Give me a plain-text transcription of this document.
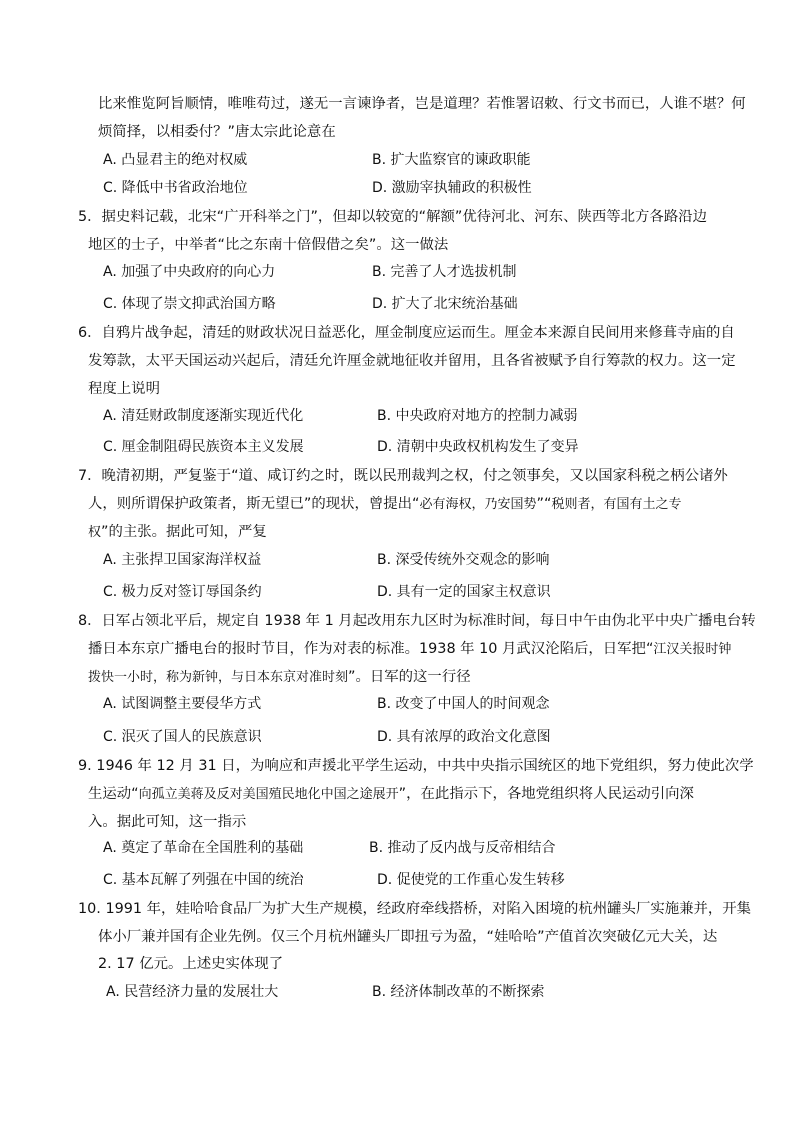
比来惟览阿旨顺情，唯唯苟过，遂无一言谏诤者，岂是道理？若惟署诏敕、行文书而已，人谁不堪？何
烦简择，以相委付？”唐太宗此论意在
A. 凸显君主的绝对权威	B. 扩大监察官的谏政职能
C. 降低中书省政治地位	D. 激励宰执辅政的积极性
5．据史料记载，北宋“广开科举之门”，但却以较宽的“解额”优待河北、河东、陕西等北方各路沿边
地区的士子，中举者“比之东南十倍假借之矣”。这一做法
A. 加强了中央政府的向心力	B. 完善了人才选拔机制
C. 体现了崇文抑武治国方略	D. 扩大了北宋统治基础
6．自鸦片战争起，清廷的财政状况日益恶化，厘金制度应运而生。厘金本来源自民间用来修葺寺庙的自
发筹款，太平天国运动兴起后，清廷允许厘金就地征收并留用，且各省被赋予自行筹款的权力。这一定
程度上说明
A. 清廷财政制度逐渐实现近代化	B. 中央政府对地方的控制力减弱
C. 厘金制阻碍民族资本主义发展	D. 清朝中央政权机构发生了变异
7．晚清初期，严复鉴于“道、咸订约之时，既以民刑裁判之权，付之领事矣，又以国家科税之柄公诸外
人，则所谓保护政策者，斯无望已”的现状，曾提出“必有海权，乃安国势”“税则者，有国有土之专
权”的主张。据此可知，严复
A. 主张捍卫国家海洋权益	B. 深受传统外交观念的影响
C. 极力反对签订辱国条约	D. 具有一定的国家主权意识
8．日军占领北平后，规定自 1938 年 1 月起改用东九区时为标准时间，每日中午由伪北平中央广播电台转
播日本东京广播电台的报时节目，作为对表的标准。1938 年 10 月武汉沦陷后，日军把“江汉关报时钟
拨快一小时，称为新钟，与日本东京对准时刻”。日军的这一行径
A. 试图调整主要侵华方式	B. 改变了中国人的时间观念
C. 泯灭了国人的民族意识	D. 具有浓厚的政治文化意图
9. 1946 年 12 月 31 日，为响应和声援北平学生运动，中共中央指示国统区的地下党组织，努力使此次学
生运动“向孤立美蒋及反对美国殖民地化中国之途展开”，在此指示下，各地党组织将人民运动引向深
入。据此可知，这一指示
A. 奠定了革命在全国胜利的基础	B. 推动了反内战与反帝相结合
C. 基本瓦解了列强在中国的统治	D. 促使党的工作重心发生转移
10. 1991 年，娃哈哈食品厂为扩大生产规模，经政府牵线搭桥，对陷入困境的杭州罐头厂实施兼并，开集
体小厂兼并国有企业先例。仅三个月杭州罐头厂即扭亏为盈，“娃哈哈”产值首次突破亿元大关，达
2. 17 亿元。上述史实体现了
A. 民营经济力量的发展壮大	B. 经济体制改革的不断探索
